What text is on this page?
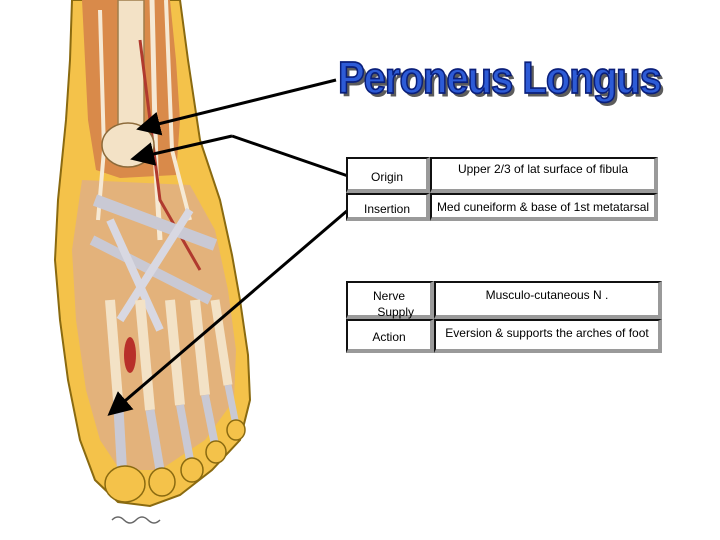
Peroneus Longus
Origin
Upper 2/3 of lat surface of fibula
Insertion	Med cuneiform & base of 1st metatarsal
Nerve
Supply
Musculo-cutaneous N .
Action	Eversion & supports the arches of foot
